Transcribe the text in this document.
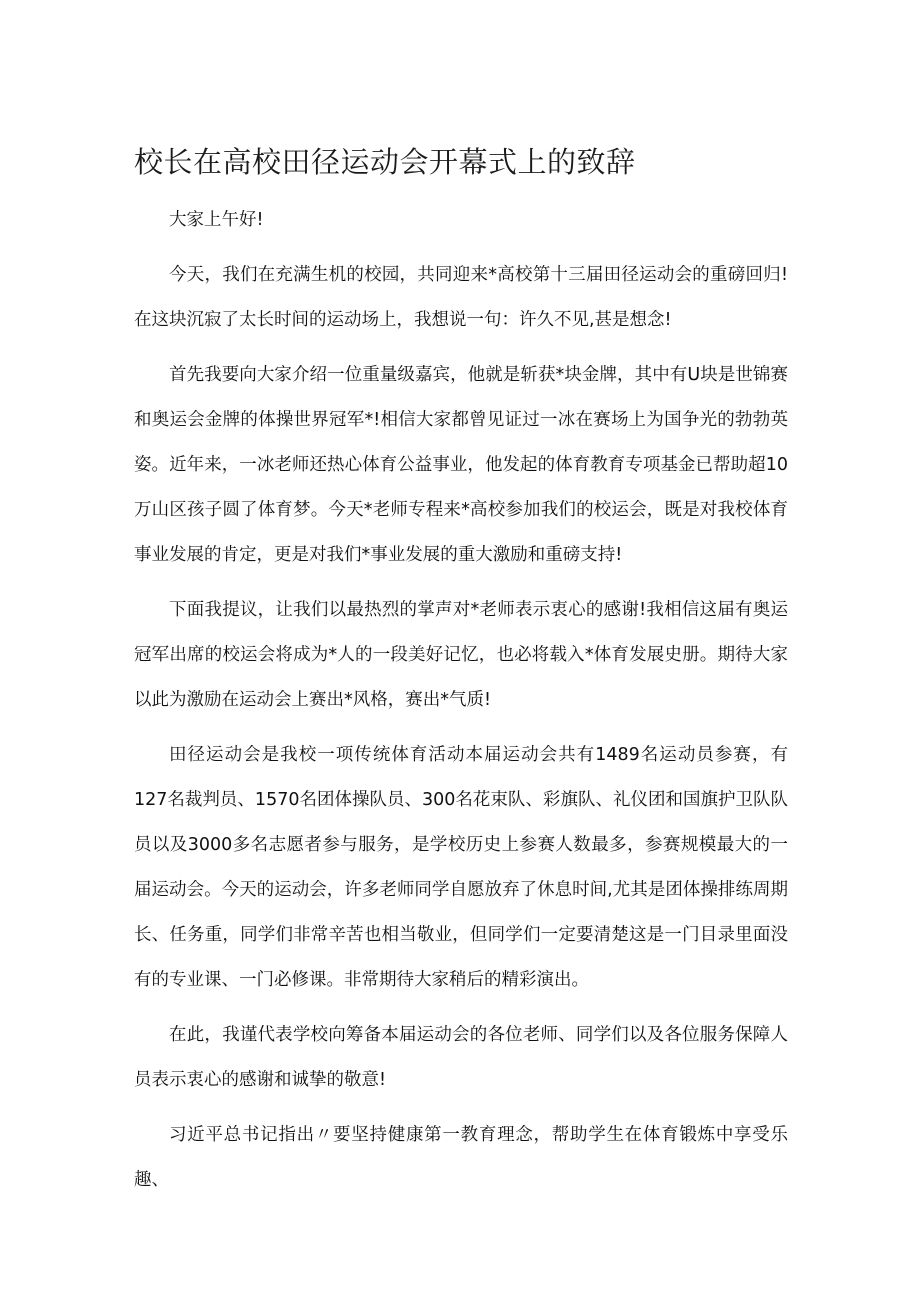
校长在高校田径运动会开幕式上的致辞

大家上午好!

今天，我们在充满生机的校园，共同迎来*高校第十三届田径运动会的重磅回归!在这块沉寂了太长时间的运动场上，我想说一句：许久不见,甚是想念!

首先我要向大家介绍一位重量级嘉宾，他就是斩获*块金牌，其中有U块是世锦赛和奥运会金牌的体操世界冠军*!相信大家都曾见证过一冰在赛场上为国争光的勃勃英姿。近年来，一冰老师还热心体育公益事业，他发起的体育教育专项基金已帮助超10万山区孩子圆了体育梦。今天*老师专程来*高校参加我们的校运会，既是对我校体育事业发展的肯定，更是对我们*事业发展的重大激励和重磅支持!

下面我提议，让我们以最热烈的掌声对*老师表示衷心的感谢!我相信这届有奥运冠军出席的校运会将成为*人的一段美好记忆，也必将载入*体育发展史册。期待大家以此为激励在运动会上赛出*风格，赛出*气质!

田径运动会是我校一项传统体育活动本届运动会共有1489名运动员参赛，有127名裁判员、1570名团体操队员、300名花束队、彩旗队、礼仪团和国旗护卫队队员以及3000多名志愿者参与服务，是学校历史上参赛人数最多，参赛规模最大的一届运动会。今天的运动会，许多老师同学自愿放弃了休息时间,尤其是团体操排练周期长、任务重，同学们非常辛苦也相当敬业，但同学们一定要清楚这是一门目录里面没有的专业课、一门必修课。非常期待大家稍后的精彩演出。

在此，我谨代表学校向筹备本届运动会的各位老师、同学们以及各位服务保障人员表示衷心的感谢和诚挚的敬意!

习近平总书记指出〃要坚持健康第一教育理念，帮助学生在体育锻炼中享受乐趣、
